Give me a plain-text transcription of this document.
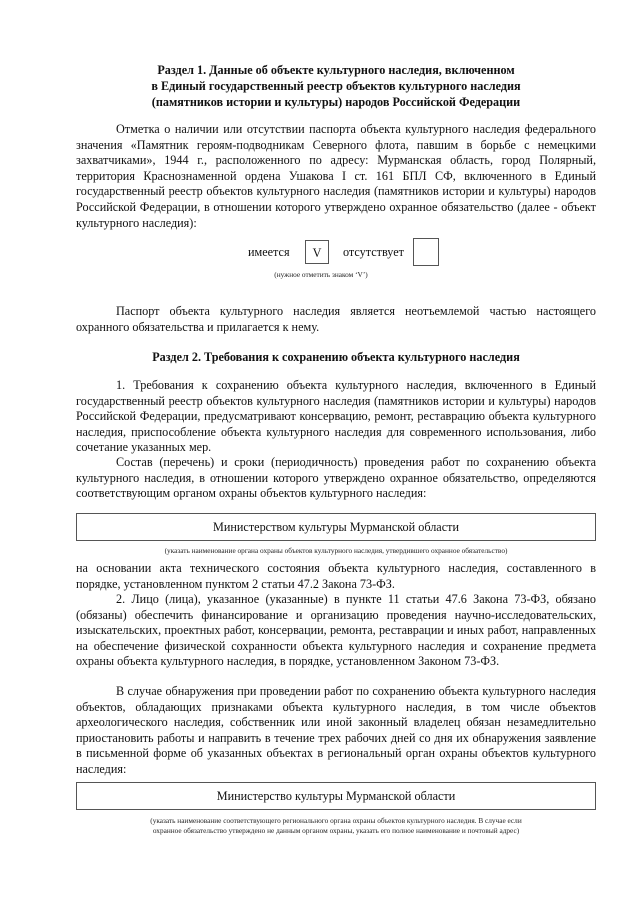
Раздел 1. Данные об объекте культурного наследия, включенном
в Единый государственный реестр объектов культурного наследия
(памятников истории и культуры) народов Российской Федерации
Отметка о наличии или отсутствии паспорта объекта культурного наследия федерального значения «Памятник героям-подводникам Северного флота, павшим в борьбе с немецкими захватчиками», 1944 г., расположенного по адресу: Мурманская область, город Полярный, территория Краснознаменной ордена Ушакова I ст. 161 БПЛ СФ, включенного в Единый государственный реестр объектов культурного наследия (памятников истории и культуры) народов Российской Федерации, в отношении которого утверждено охранное обязательство (далее - объект культурного наследия):
имеется	V	отсутствует
(нужное отметить знаком ‘V’)
Паспорт объекта культурного наследия является неотъемлемой частью настоящего охранного обязательства и прилагается к нему.
Раздел 2. Требования к сохранению объекта культурного наследия
1. Требования к сохранению объекта культурного наследия, включенного в Единый государственный реестр объектов культурного наследия (памятников истории и культуры) народов Российской Федерации, предусматривают консервацию, ремонт, реставрацию объекта культурного наследия, приспособление объекта культурного наследия для современного использования, либо сочетание указанных мер.
Состав (перечень) и сроки (периодичность) проведения работ по сохранению объекта культурного наследия, в отношении которого утверждено охранное обязательство, определяются соответствующим органом охраны объектов культурного наследия:
Министерством культуры Мурманской области
(указать наименование органа охраны объектов культурного наследия, утвердившего охранное обязательство)
на основании акта технического состояния объекта культурного наследия, составленного в порядке, установленном пунктом 2 статьи 47.2 Закона 73-ФЗ.
2. Лицо (лица), указанное (указанные) в пункте 11 статьи 47.6 Закона 73-ФЗ, обязано (обязаны) обеспечить финансирование и организацию проведения научно-исследовательских, изыскательских, проектных работ, консервации, ремонта, реставрации и иных работ, направленных на обеспечение физической сохранности объекта культурного наследия и сохранение предмета охраны объекта культурного наследия, в порядке, установленном Законом 73-ФЗ.
В случае обнаружения при проведении работ по сохранению объекта культурного наследия объектов, обладающих признаками объекта культурного наследия, в том числе объектов археологического наследия, собственник или иной законный владелец обязан незамедлительно приостановить работы и направить в течение трех рабочих дней со дня их обнаружения заявление в письменной форме об указанных объектах в региональный орган охраны объектов культурного наследия:
Министерство культуры Мурманской области
(указать наименование соответствующего регионального органа охраны объектов культурного наследия. В случае если
охранное обязательство утверждено не данным органом охраны, указать его полное наименование и почтовый адрес)
